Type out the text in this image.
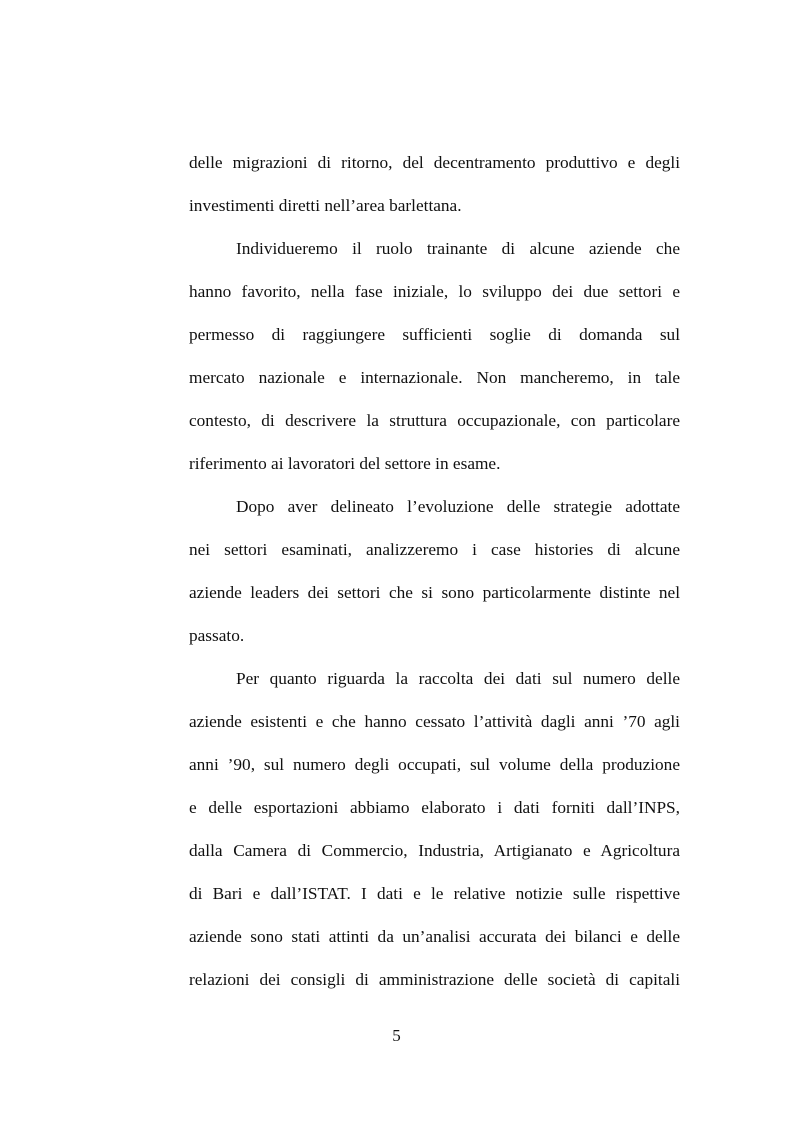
delle migrazioni di ritorno, del decentramento produttivo e degli
investimenti diretti nell’area barlettana.
Individueremo il ruolo trainante di alcune aziende che
hanno favorito, nella fase iniziale, lo sviluppo dei due settori e
permesso di raggiungere sufficienti soglie di domanda sul
mercato nazionale e internazionale. Non mancheremo, in tale
contesto, di descrivere la struttura occupazionale, con particolare
riferimento ai lavoratori del settore in esame.
Dopo aver delineato l’evoluzione delle strategie adottate
nei settori esaminati, analizzeremo i case histories di alcune
aziende leaders dei settori che si sono particolarmente distinte nel
passato.
Per quanto riguarda la raccolta dei dati sul numero delle
aziende esistenti e che hanno cessato l’attività dagli anni ’70 agli
anni ’90, sul numero degli occupati, sul volume della produzione
e delle esportazioni abbiamo elaborato i dati forniti dall’INPS,
dalla Camera di Commercio, Industria, Artigianato e Agricoltura
di Bari e dall’ISTAT. I dati e le relative notizie sulle rispettive
aziende sono stati attinti da un’analisi accurata dei bilanci e delle
relazioni dei consigli di amministrazione delle società di capitali
5
